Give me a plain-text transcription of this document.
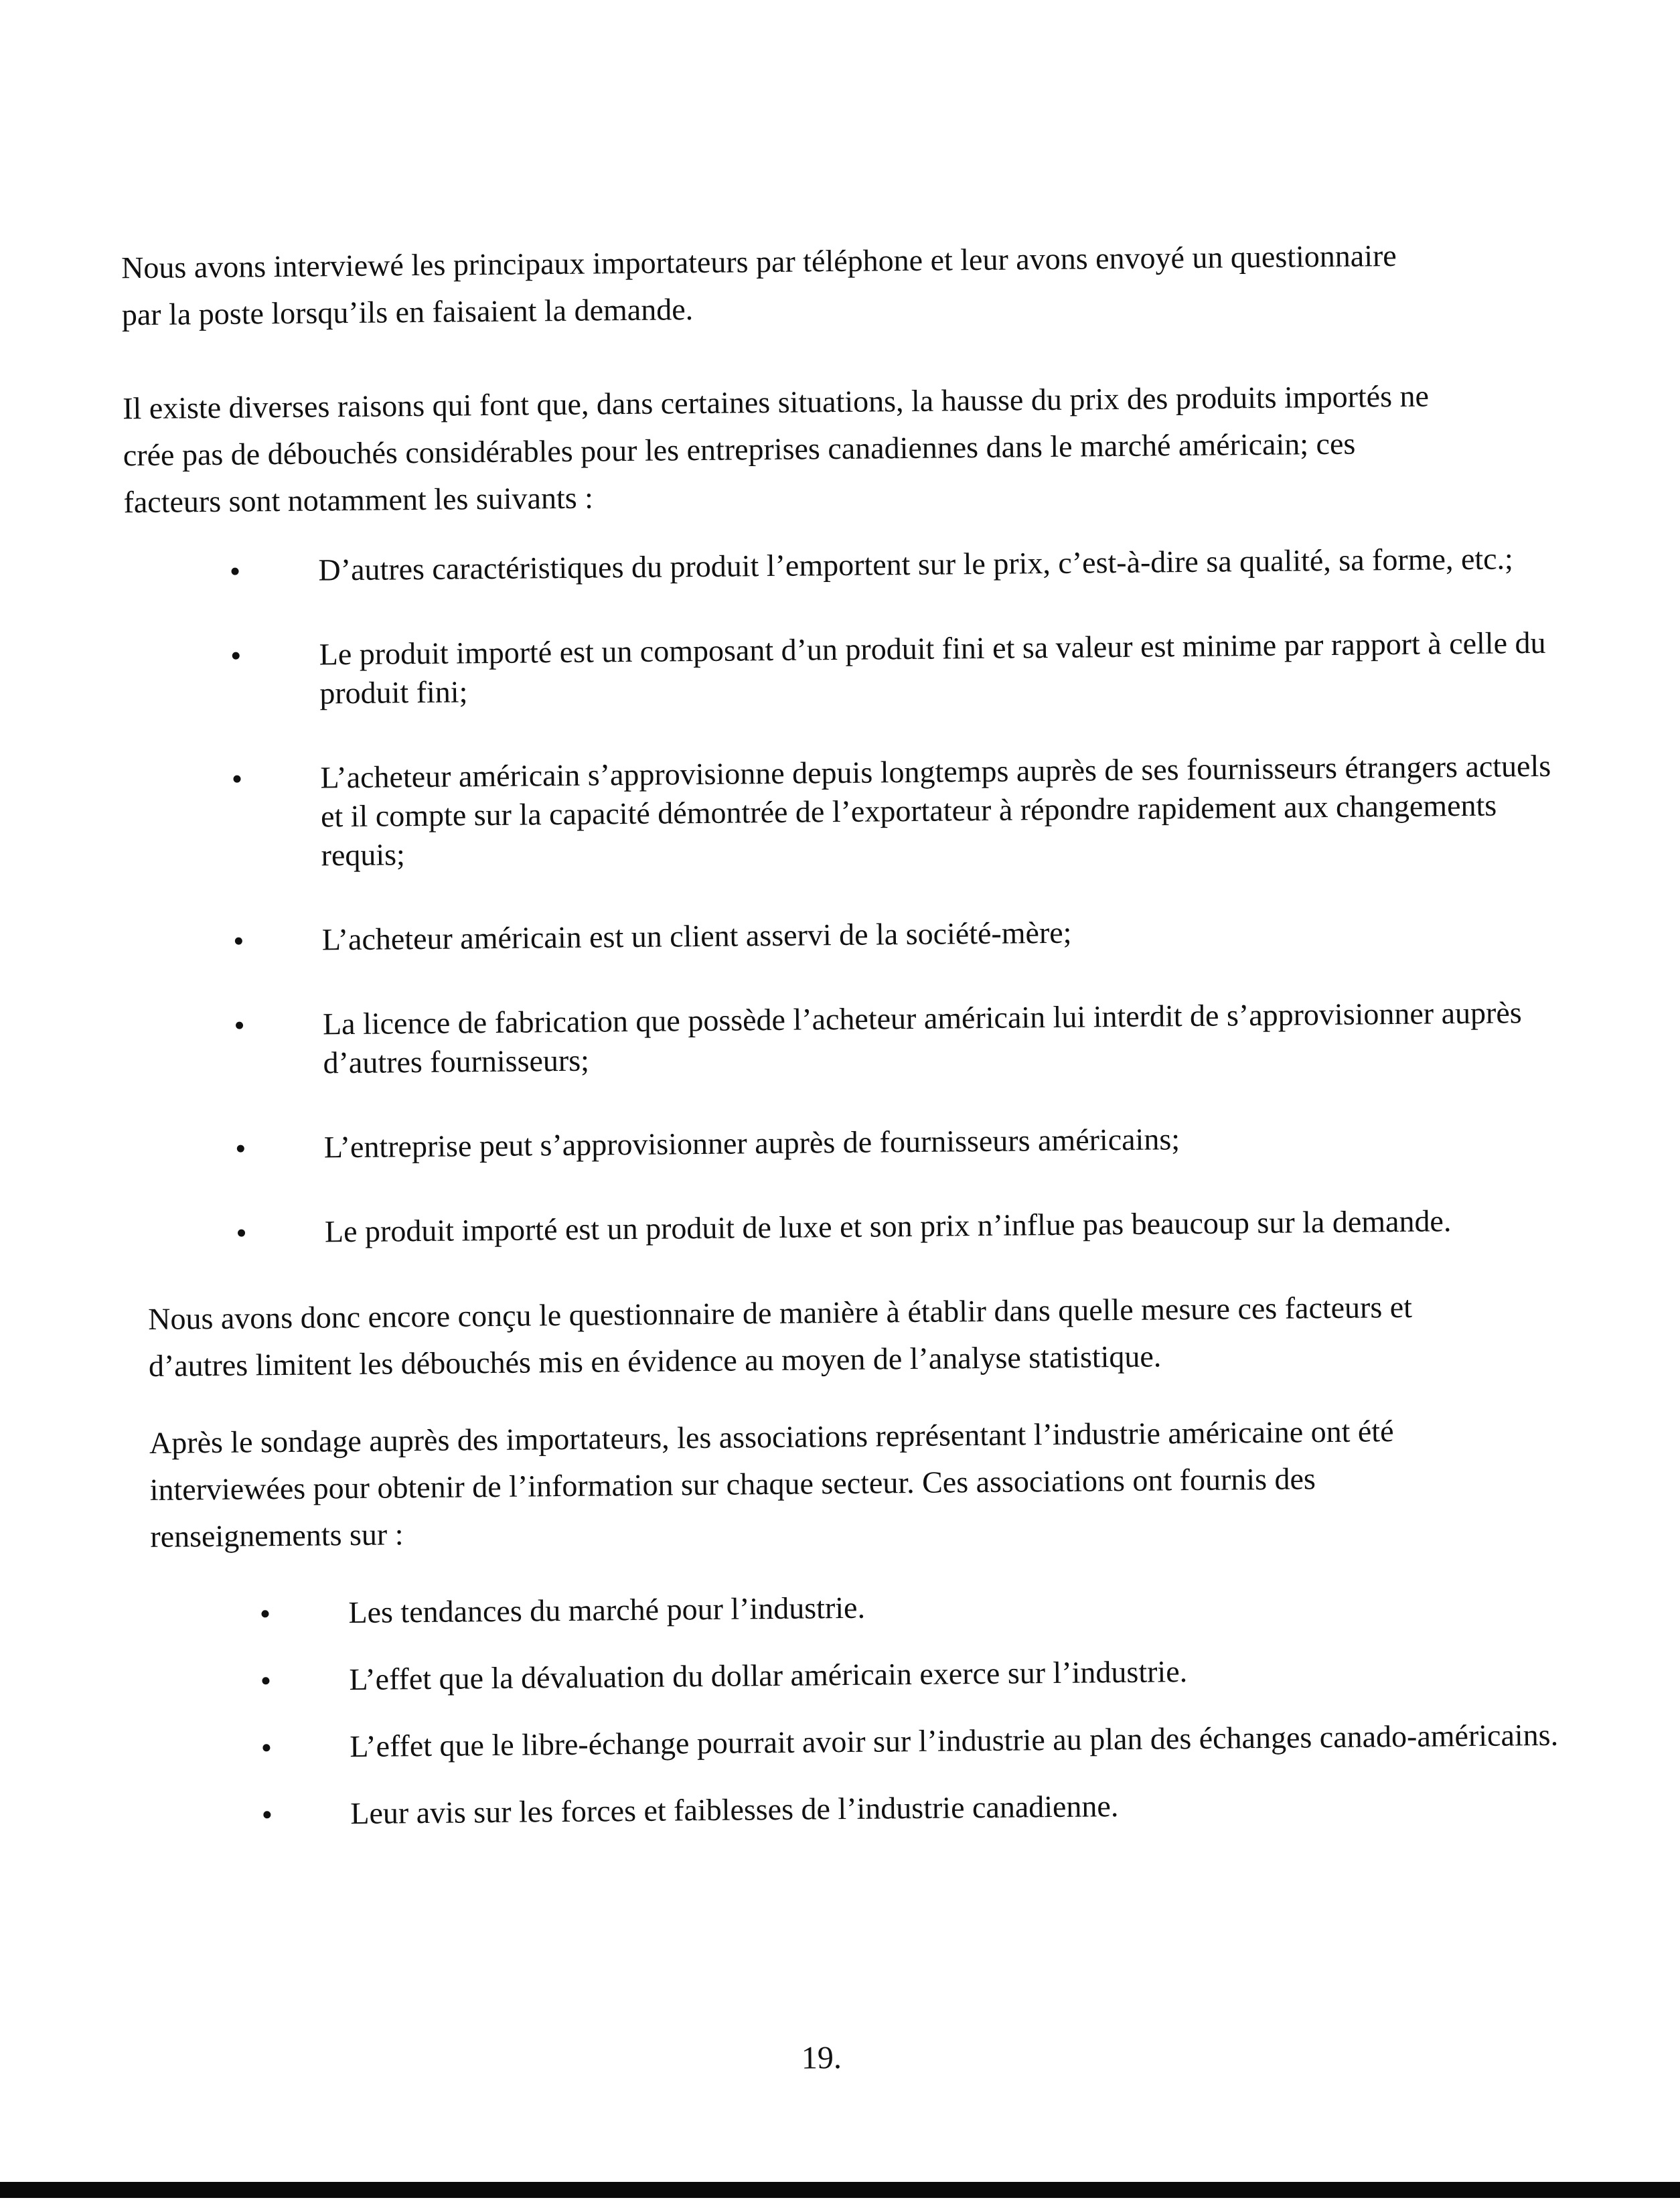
Nous avons interviewé les principaux importateurs par téléphone et leur avons envoyé un questionnaire par la poste lorsqu’ils en faisaient la demande.

Il existe diverses raisons qui font que, dans certaines situations, la hausse du prix des produits importés ne crée pas de débouchés considérables pour les entreprises canadiennes dans le marché américain; ces facteurs sont notamment les suivants :

D’autres caractéristiques du produit l’emportent sur le prix, c’est-à-dire sa qualité, sa forme, etc.;
Le produit importé est un composant d’un produit fini et sa valeur est minime par rapport à celle du produit fini;
L’acheteur américain s’approvisionne depuis longtemps auprès de ses fournisseurs étrangers actuels et il compte sur la capacité démontrée de l’exportateur à répondre rapidement aux changements requis;
L’acheteur américain est un client asservi de la société-mère;
La licence de fabrication que possède l’acheteur américain lui interdit de s’approvisionner auprès d’autres fournisseurs;
L’entreprise peut s’approvisionner auprès de fournisseurs américains;
Le produit importé est un produit de luxe et son prix n’influe pas beaucoup sur la demande.

Nous avons donc encore conçu le questionnaire de manière à établir dans quelle mesure ces facteurs et d’autres limitent les débouchés mis en évidence au moyen de l’analyse statistique.

Après le sondage auprès des importateurs, les associations représentant l’industrie américaine ont été interviewées pour obtenir de l’information sur chaque secteur. Ces associations ont fournis des renseignements sur :

Les tendances du marché pour l’industrie.
L’effet que la dévaluation du dollar américain exerce sur l’industrie.
L’effet que le libre-échange pourrait avoir sur l’industrie au plan des échanges canado-américains.
Leur avis sur les forces et faiblesses de l’industrie canadienne.

19.
